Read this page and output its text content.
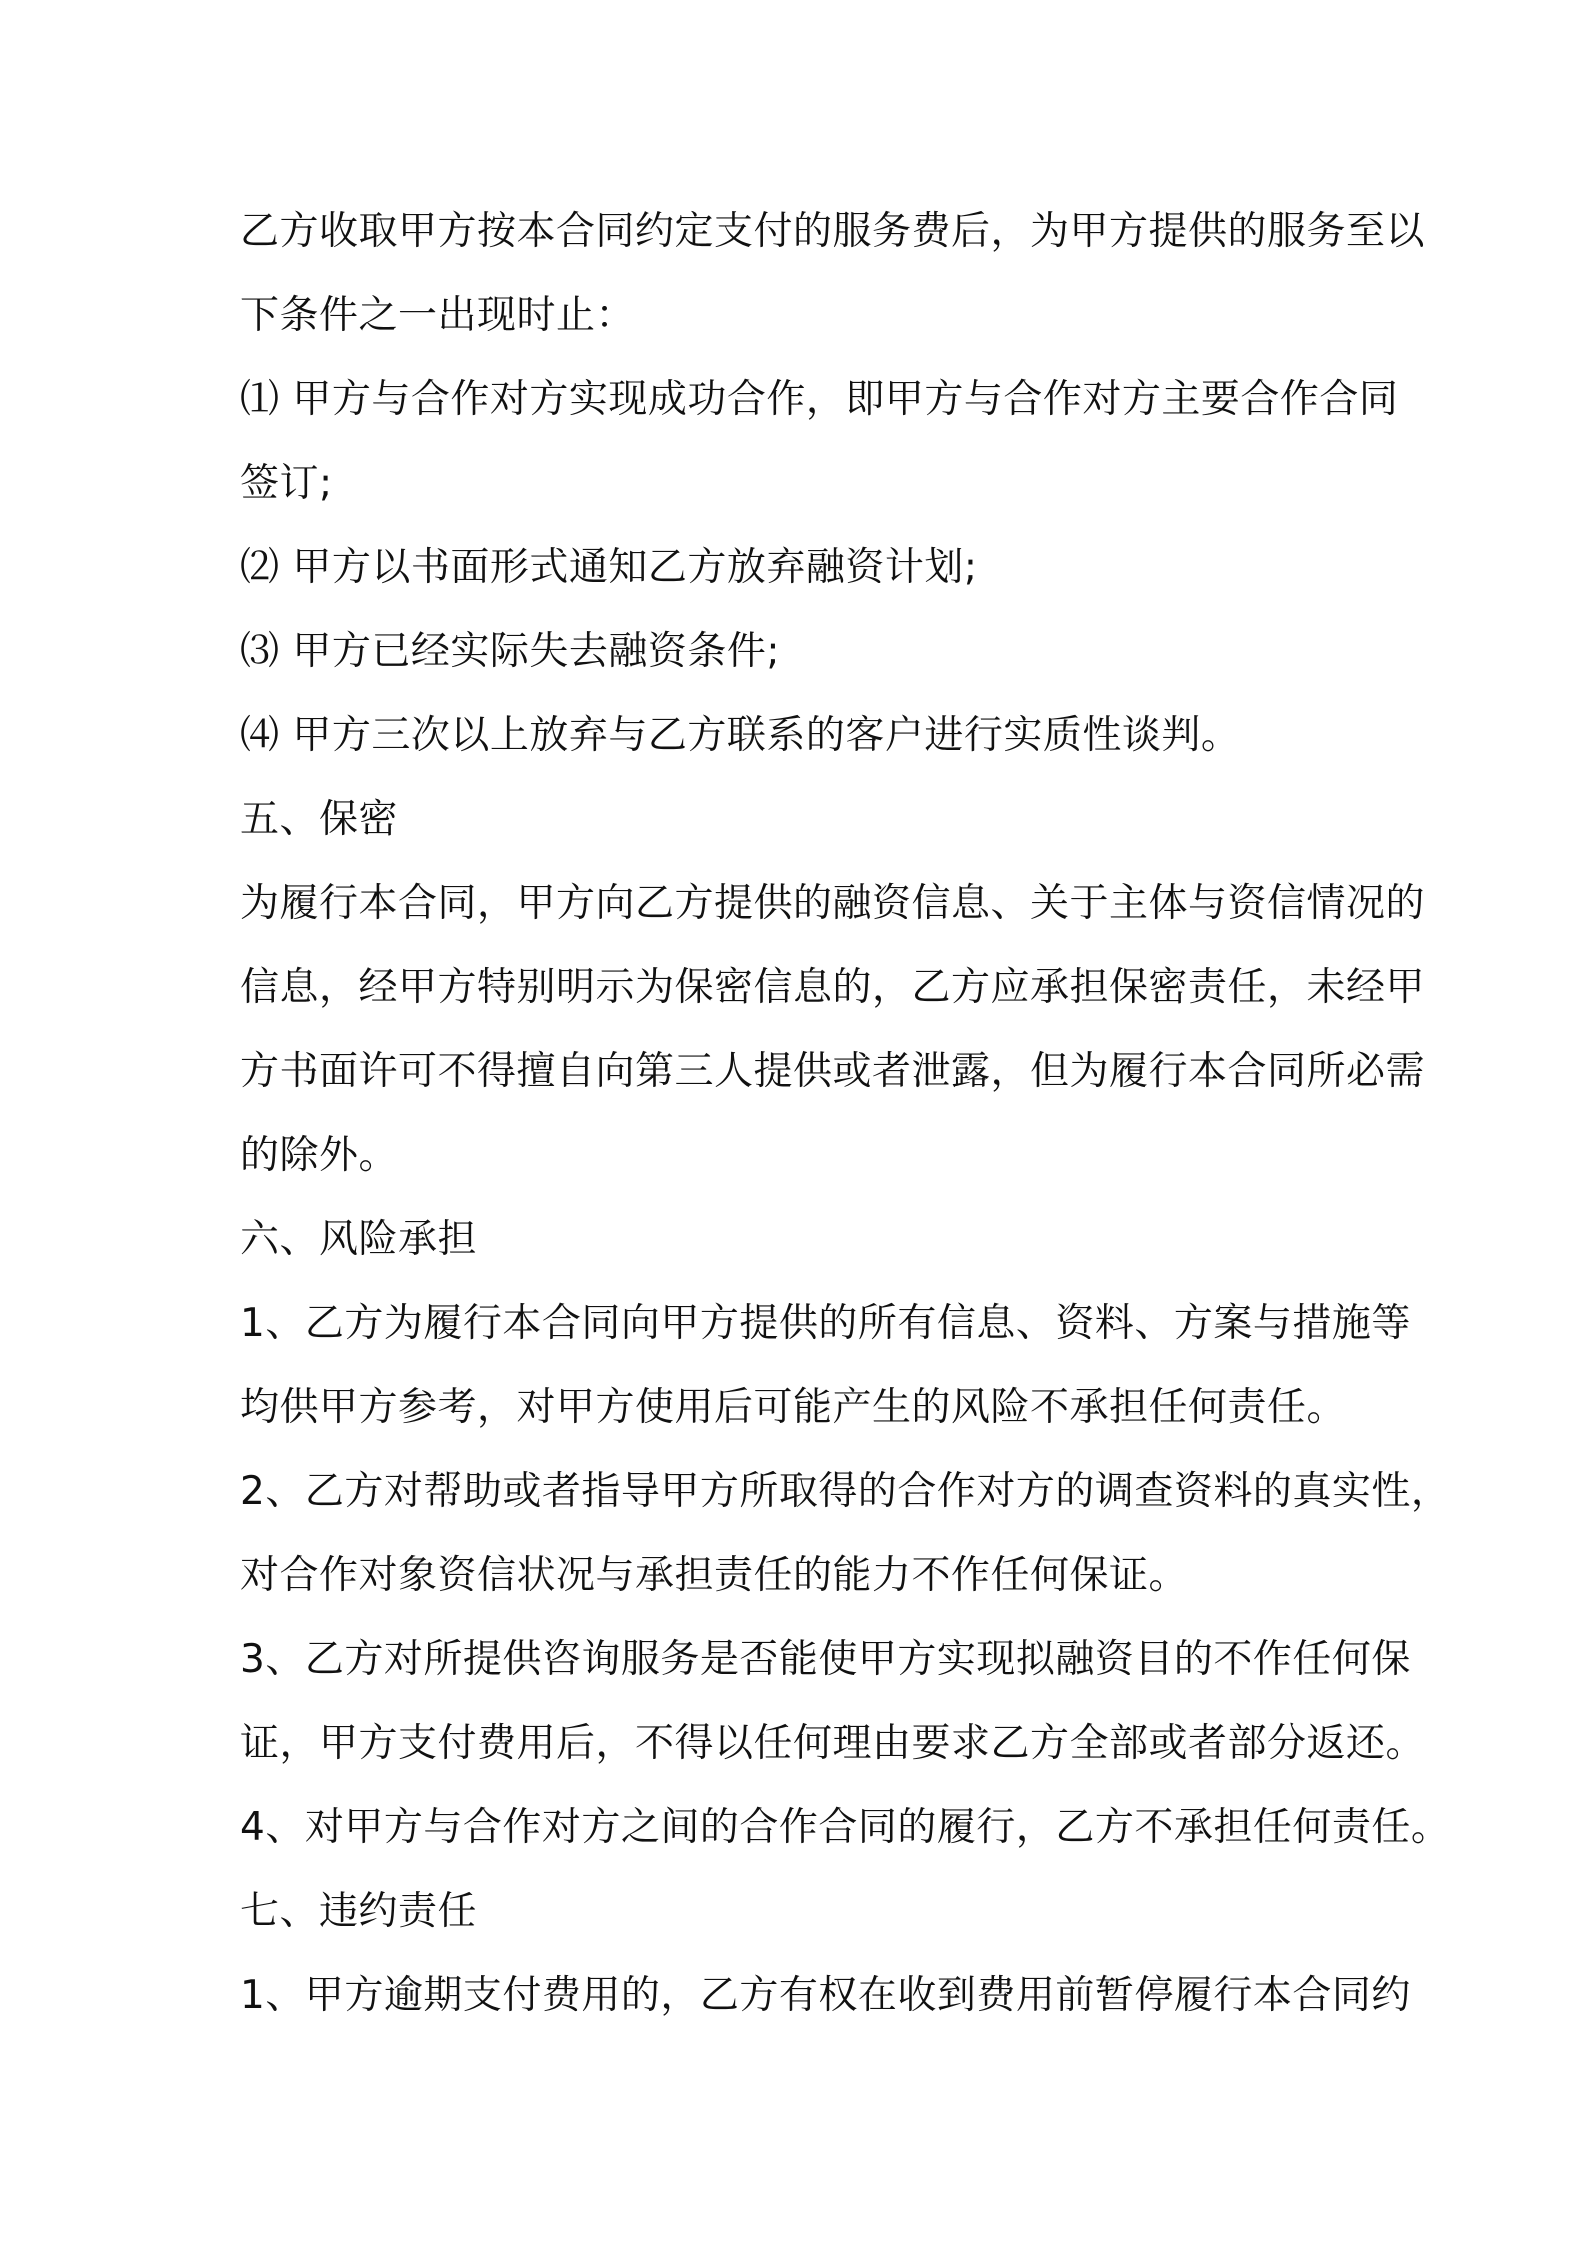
乙方收取甲方按本合同约定支付的服务费后，为甲方提供的服务至以
下条件之一出现时止：
⑴ 甲方与合作对方实现成功合作，即甲方与合作对方主要合作合同
签订;
⑵ 甲方以书面形式通知乙方放弃融资计划;
⑶ 甲方已经实际失去融资条件;
⑷ 甲方三次以上放弃与乙方联系的客户进行实质性谈判。
五、保密
为履行本合同，甲方向乙方提供的融资信息、关于主体与资信情况的
信息，经甲方特别明示为保密信息的，乙方应承担保密责任，未经甲
方书面许可不得擅自向第三人提供或者泄露，但为履行本合同所必需
的除外。
六、风险承担
1、乙方为履行本合同向甲方提供的所有信息、资料、方案与措施等
均供甲方参考，对甲方使用后可能产生的风险不承担任何责任。
2、乙方对帮助或者指导甲方所取得的合作对方的调查资料的真实性，
对合作对象资信状况与承担责任的能力不作任何保证。
3、乙方对所提供咨询服务是否能使甲方实现拟融资目的不作任何保
证，甲方支付费用后，不得以任何理由要求乙方全部或者部分返还。
4、对甲方与合作对方之间的合作合同的履行，乙方不承担任何责任。
七、违约责任
1、甲方逾期支付费用的，乙方有权在收到费用前暂停履行本合同约
